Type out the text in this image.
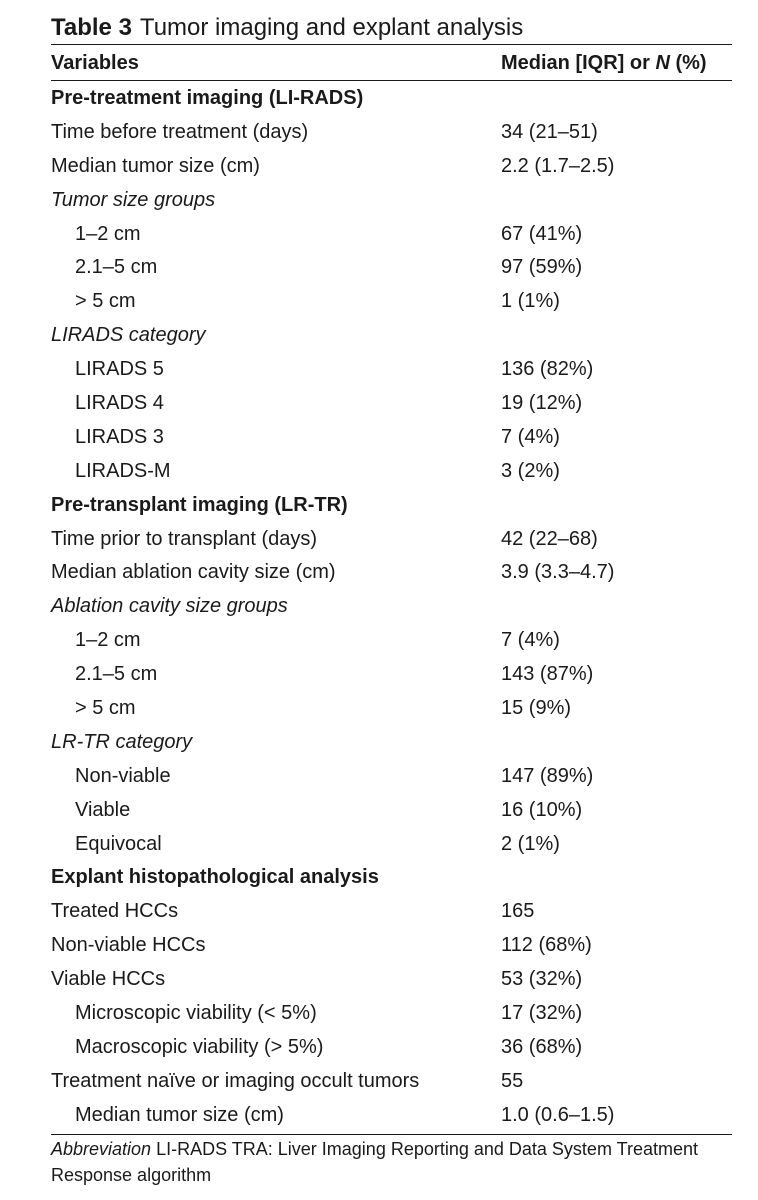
Table 3 Tumor imaging and explant analysis
Variables	Median [IQR] or N (%)
Pre-treatment imaging (LI-RADS)
Time before treatment (days)	34 (21–51)
Median tumor size (cm)	2.2 (1.7–2.5)
Tumor size groups
1–2 cm	67 (41%)
2.1–5 cm	97 (59%)
> 5 cm	1 (1%)
LIRADS category
LIRADS 5	136 (82%)
LIRADS 4	19 (12%)
LIRADS 3	7 (4%)
LIRADS-M	3 (2%)
Pre-transplant imaging (LR-TR)
Time prior to transplant (days)	42 (22–68)
Median ablation cavity size (cm)	3.9 (3.3–4.7)
Ablation cavity size groups
1–2 cm	7 (4%)
2.1–5 cm	143 (87%)
> 5 cm	15 (9%)
LR-TR category
Non-viable	147 (89%)
Viable	16 (10%)
Equivocal	2 (1%)
Explant histopathological analysis
Treated HCCs	165
Non-viable HCCs	112 (68%)
Viable HCCs	53 (32%)
Microscopic viability (< 5%)	17 (32%)
Macroscopic viability (> 5%)	36 (68%)
Treatment naïve or imaging occult tumors	55
Median tumor size (cm)	1.0 (0.6–1.5)
Abbreviation LI-RADS TRA: Liver Imaging Reporting and Data System Treatment Response algorithm
